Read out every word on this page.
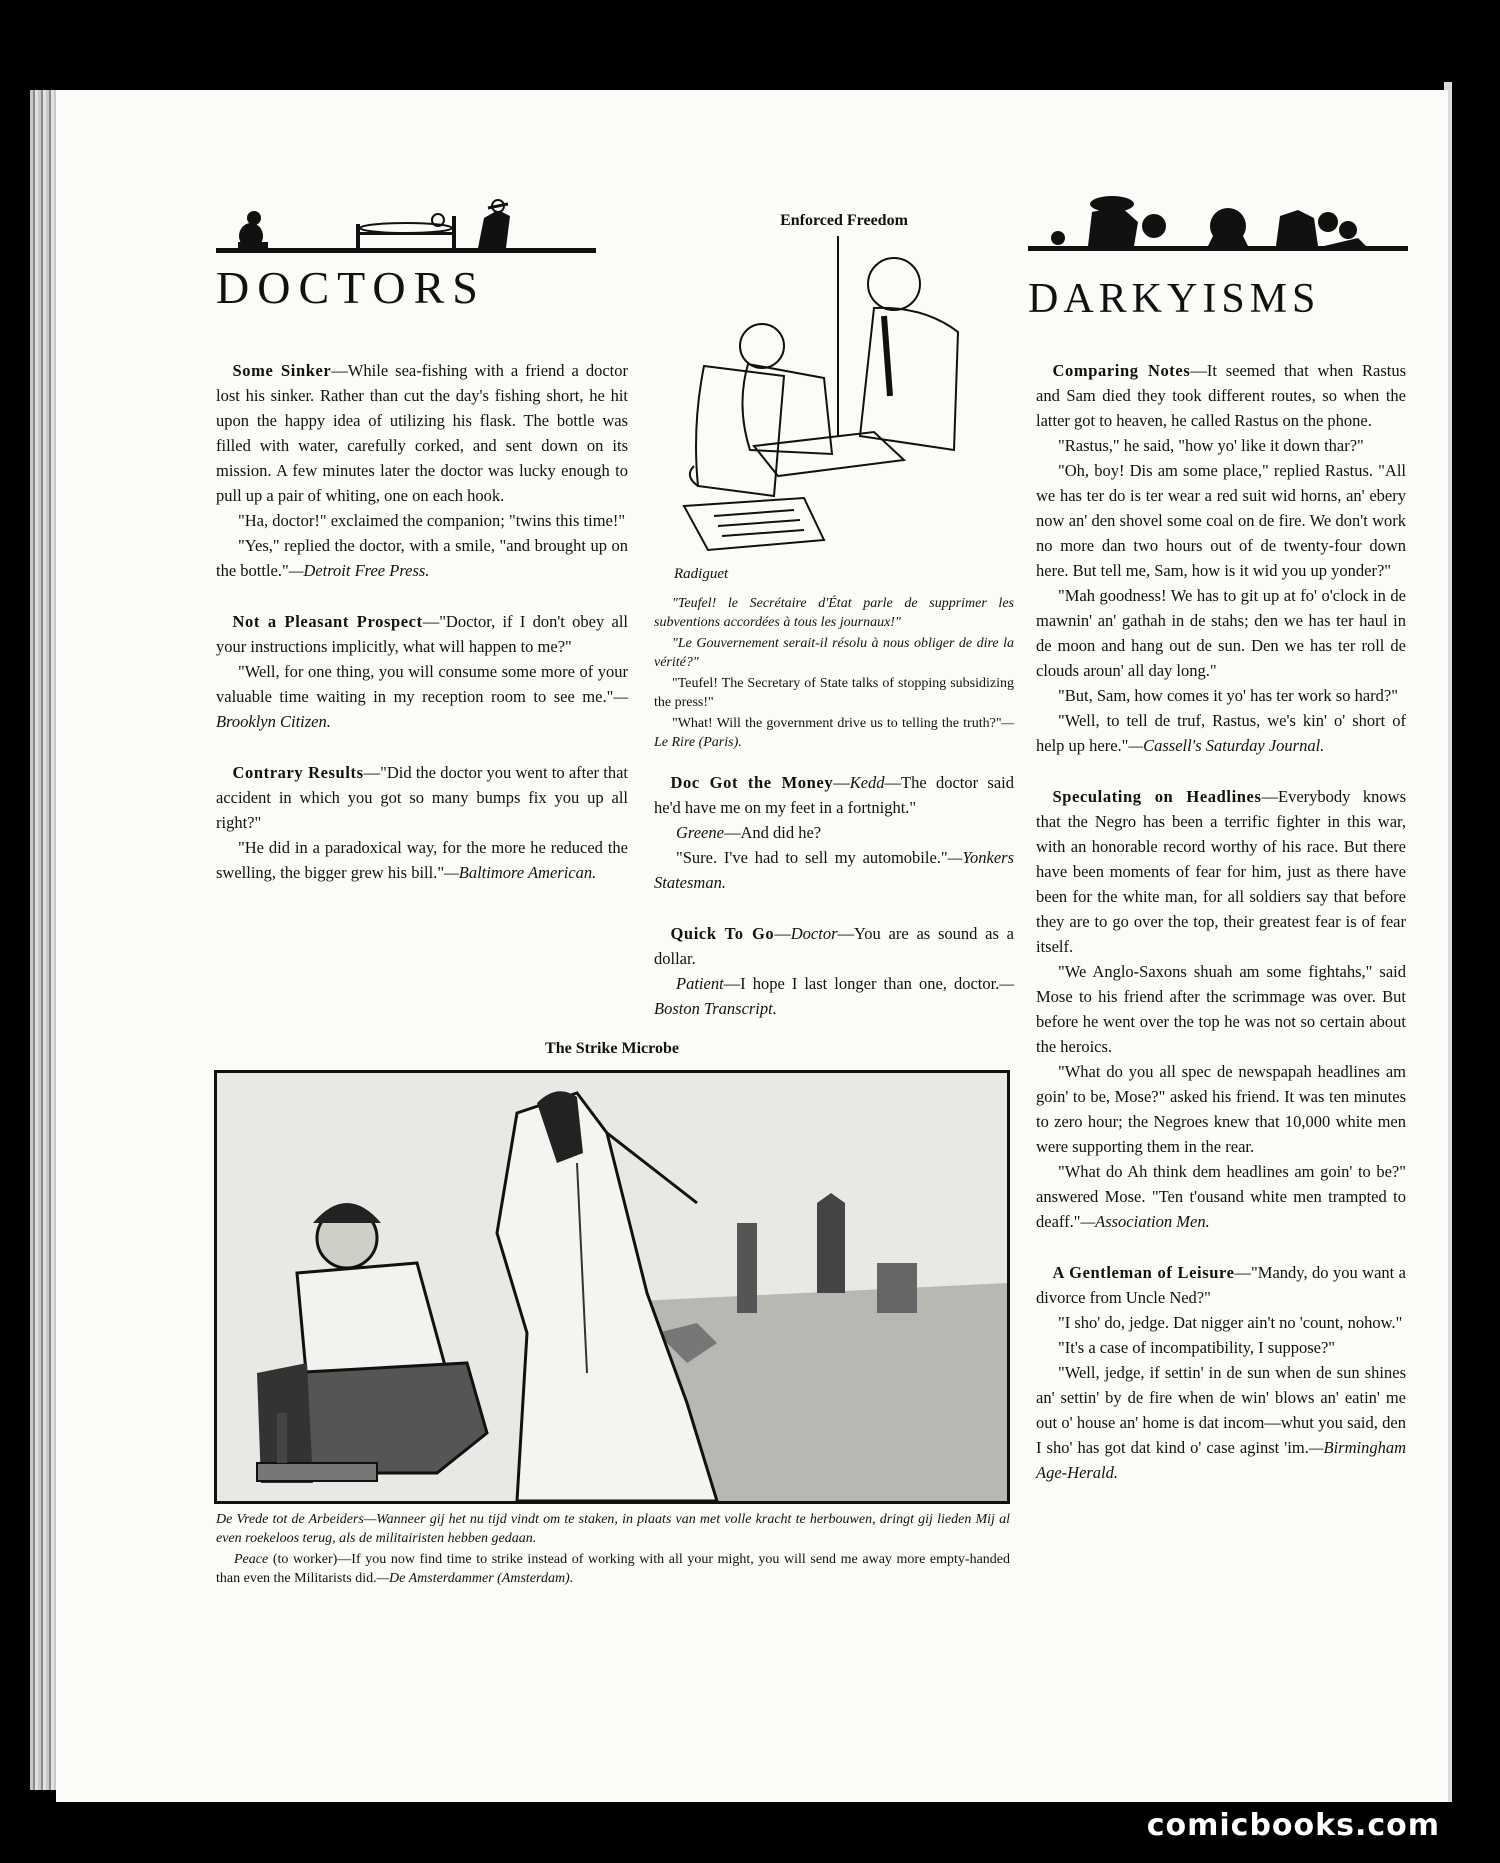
DOCTORS

 Some Sinker—While sea-fishing with a friend a doctor lost his sinker. Rather than cut the day's fishing short, he hit upon the happy idea of utilizing his flask. The bottle was filled with water, carefully corked, and sent down on its mission. A few minutes later the doctor was lucky enough to pull up a pair of whiting, one on each hook.

"Ha, doctor!" exclaimed the companion; "twins this time!"

"Yes," replied the doctor, with a smile, "and brought up on the bottle."—Detroit Free Press.

 Not a Pleasant Prospect—"Doctor, if I don't obey all your instructions implicitly, what will happen to me?"

"Well, for one thing, you will consume some more of your valuable time waiting in my reception room to see me."—Brooklyn Citizen.

 Contrary Results—"Did the doctor you went to after that accident in which you got so many bumps fix you up all right?"

"He did in a paradoxical way, for the more he reduced the swelling, the bigger grew his bill."—Baltimore American.

Enforced Freedom
Radiguet

"Teufel! le Secrétaire d'État parle de supprimer les subventions accordées à tous les journaux!"

"Le Gouvernement serait-il résolu à nous obliger de dire la vérité?"

"Teufel! The Secretary of State talks of stopping subsidizing the press!"

"What! Will the government drive us to telling the truth?"—Le Rire (Paris).

 Doc Got the Money—Kedd—The doctor said he'd have me on my feet in a fortnight."

Greene—And did he?

"Sure. I've had to sell my automobile."—Yonkers Statesman.

 Quick To Go—Doctor—You are as sound as a dollar.

Patient—I hope I last longer than one, doctor.—Boston Transcript.

The Strike Microbe

De Vrede tot de Arbeiders—Wanneer gij het nu tijd vindt om te staken, in plaats van met volle kracht te herbouwen, dringt gij lieden Mij al even roekeloos terug, als de militairisten hebben gedaan.

Peace (to worker)—If you now find time to strike instead of working with all your might, you will send me away more empty-handed than even the Militarists did.—De Amsterdammer (Amsterdam).

DARKYISMS

 Comparing Notes—It seemed that when Rastus and Sam died they took different routes, so when the latter got to heaven, he called Rastus on the phone.

"Rastus," he said, "how yo' like it down thar?"

"Oh, boy! Dis am some place," replied Rastus. "All we has ter do is ter wear a red suit wid horns, an' ebery now an' den shovel some coal on de fire. We don't work no more dan two hours out of de twenty-four down here. But tell me, Sam, how is it wid you up yonder?"

"Mah goodness! We has to git up at fo' o'clock in de mawnin' an' gathah in de stahs; den we has ter haul in de moon and hang out de sun. Den we has ter roll de clouds aroun' all day long."

"But, Sam, how comes it yo' has ter work so hard?"

"Well, to tell de truf, Rastus, we's kin' o' short of help up here."—Cassell's Saturday Journal.

 Speculating on Headlines—Everybody knows that the Negro has been a terrific fighter in this war, with an honorable record worthy of his race. But there have been moments of fear for him, just as there have been for the white man, for all soldiers say that before they are to go over the top, their greatest fear is of fear itself.

"We Anglo-Saxons shuah am some fightahs," said Mose to his friend after the scrimmage was over. But before he went over the top he was not so certain about the heroics.

"What do you all spec de newspapah headlines am goin' to be, Mose?" asked his friend. It was ten minutes to zero hour; the Negroes knew that 10,000 white men were supporting them in the rear.

"What do Ah think dem headlines am goin' to be?" answered Mose. "Ten t'ousand white men trampted to deaff."—Association Men.

 A Gentleman of Leisure—"Mandy, do you want a divorce from Uncle Ned?"

"I sho' do, jedge. Dat nigger ain't no 'count, nohow."

"It's a case of incompatibility, I suppose?"

"Well, jedge, if settin' in de sun when de sun shines an' settin' by de fire when de win' blows an' eatin' me out o' house an' home is dat incom—whut you said, den I sho' has got dat kind o' case aginst 'im.—Birmingham Age-Herald.

comicbooks.com
